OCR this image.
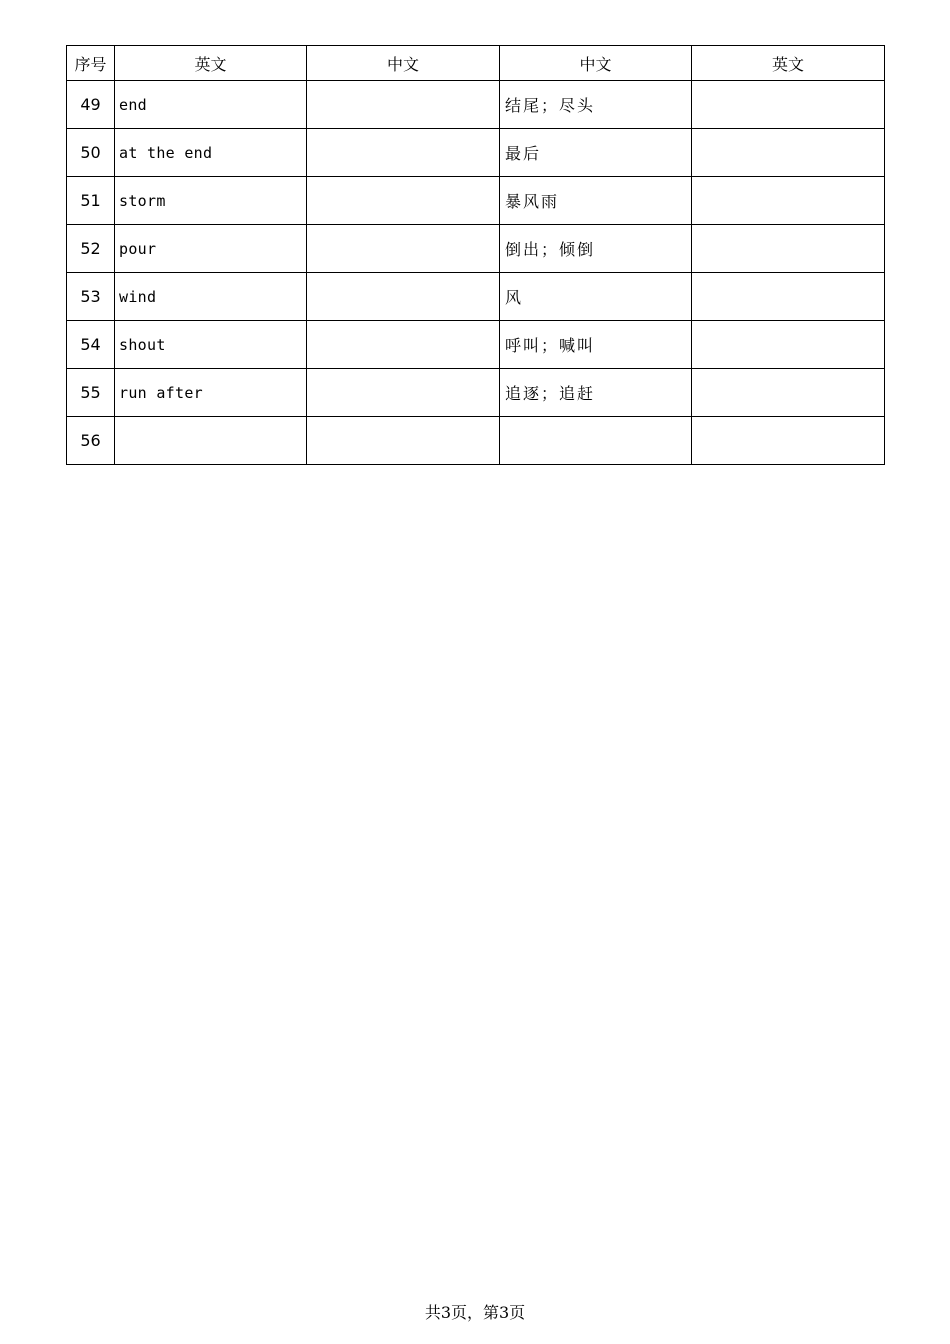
序号	英文	中文	中文	英文
49	end		结尾；尽头	
50	at the end		最后	
51	storm		暴风雨	
52	pour		倒出；倾倒	
53	wind		风	
54	shout		呼叫；喊叫	
55	run after		追逐；追赶	
56				
共3页，第3页
